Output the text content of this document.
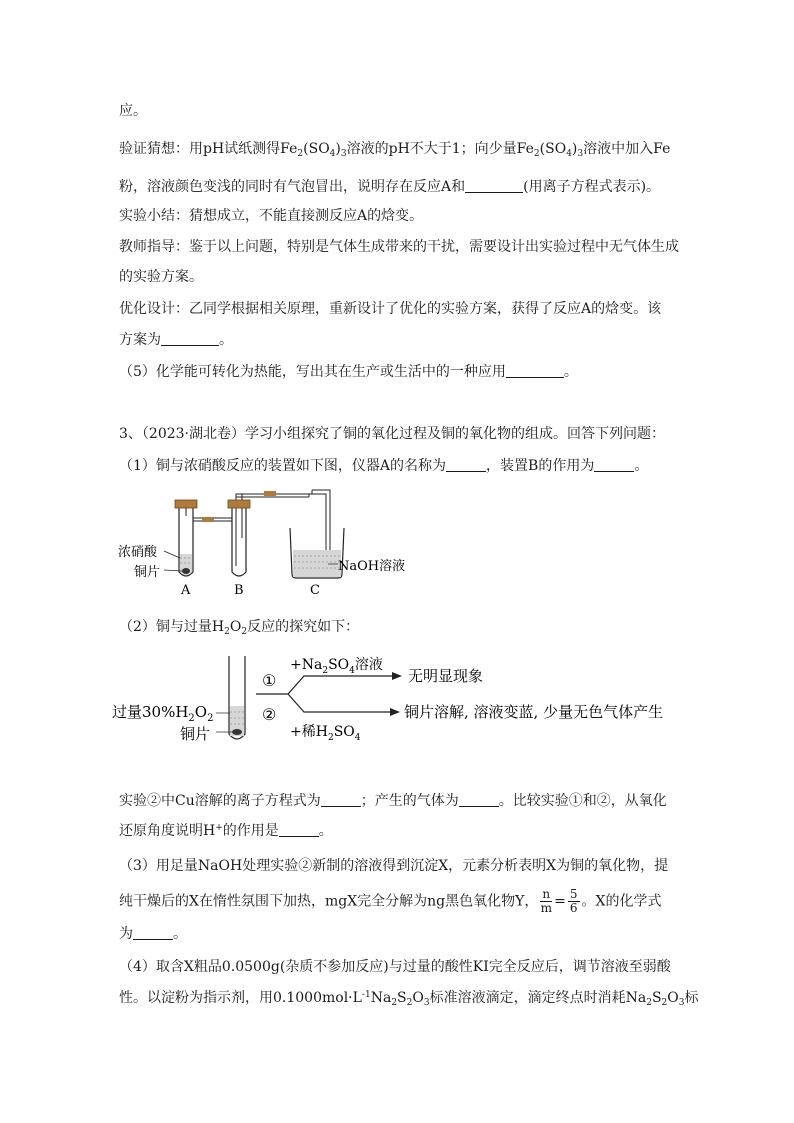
应。
验证猜想：用pH试纸测得$Fe_2(SO_4)_3$溶液的pH不大于1；向少量$Fe_2(SO_4)_3$溶液中加入Fe
粉，溶液颜色变浅的同时有气泡冒出，说明存在反应A和	(用离子方程式表示)。
实验小结：猜想成立，不能直接测反应A的焓变。
教师指导：鉴于以上问题，特别是气体生成带来的干扰，需要设计出实验过程中无气体生成
的实验方案。
优化设计：乙同学根据相关原理，重新设计了优化的实验方案，获得了反应A的焓变。该
方案为	。
（5）化学能可转化为热能，写出其在生产或生活中的一种应用	。
3、（2023·湖北卷）学习小组探究了铜的氧化过程及铜的氧化物的组成。回答下列问题：
（1）铜与浓硝酸反应的装置如下图，仪器A的名称为	，装置B的作用为	。
浓硝酸
铜片	NaOH溶液
A	B	C
（2）铜与过量$H_2O_2$反应的探究如下：
过量$30\%H_2O_2$
铜片
①
②
$+Na_2SO_4$溶液
无明显现象
+稀$H_2SO_4$
铜片溶解, 溶液变蓝, 少量无色气体产生
实验②中Cu溶解的离子方程式为	；产生的气体为	。比较实验①和②，从氧化
还原角度说明H+的作用是	。
（3）用足量NaOH处理实验②新制的溶液得到沉淀X，元素分析表明X为铜的氧化物，提
纯干燥后的X在惰性氛围下加热，mgX完全分解为ng黑色氧化物Y， $\frac{n}{m} = \frac{5}{6}$ 。X的化学式
为	。
（4）取含X粗品0.0500g(杂质不参加反应)与过量的酸性KI完全反应后，调节溶液至弱酸
性。以淀粉为指示剂，用$0.1000mol\cdot L^{-1}Na_2S_2O_3$标准溶液滴定，滴定终点时消耗$Na_2S_2O_3$标
